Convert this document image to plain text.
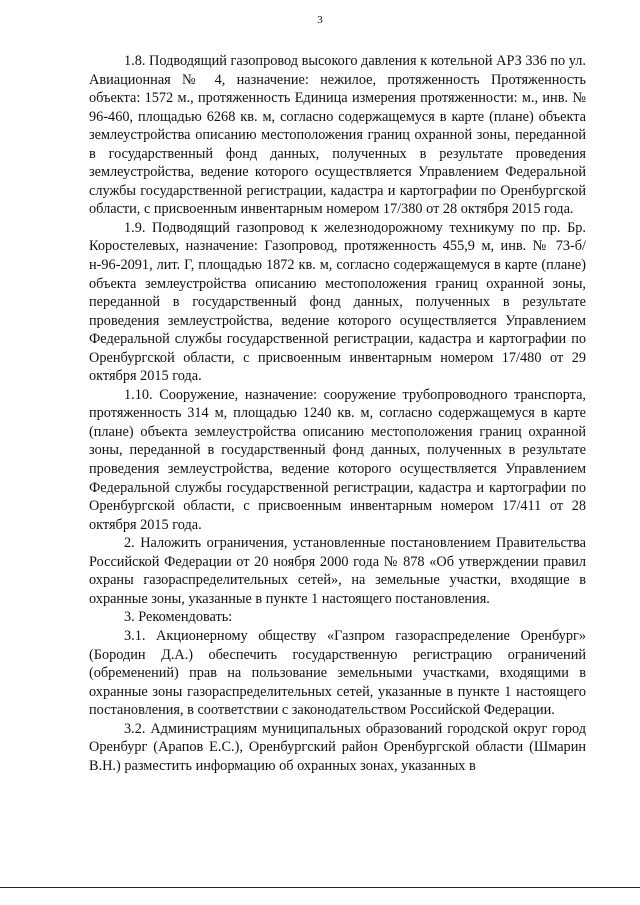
3

1.8. Подводящий газопровод высокого давления к котельной АРЗ 336 по ул. Авиационная № 4, назначение: нежилое, протяженность Протяженность объекта: 1572 м., протяженность Единица измерения протяженности: м., инв. № 96-460, площадью 6268 кв. м, согласно содержащемуся в карте (плане) объекта землеустройства описанию местоположения границ охранной зоны, переданной в государственный фонд данных, полученных в результате проведения землеустройства, ведение которого осуществляется Управлением Федеральной службы государственной регистрации, кадастра и картографии по Оренбургской области, с присвоенным инвентарным номером 17/380 от 28 октября 2015 года.

1.9. Подводящий газопровод к железнодорожному техникуму по пр. Бр. Коростелевых, назначение: Газопровод, протяженность 455,9 м, инв. № 73-б/н-96-2091, лит. Г, площадью 1872 кв. м, согласно содержащемуся в карте (плане) объекта землеустройства описанию местоположения границ охранной зоны, переданной в государственный фонд данных, полученных в результате проведения землеустройства, ведение которого осуществляется Управлением Федеральной службы государственной регистрации, кадастра и картографии по Оренбургской области, с присвоенным инвентарным номером 17/480 от 29 октября 2015 года.

1.10. Сооружение, назначение: сооружение трубопроводного транспорта, протяженность 314 м, площадью 1240 кв. м, согласно содержащемуся в карте (плане) объекта землеустройства описанию местоположения границ охранной зоны, переданной в государственный фонд данных, полученных в результате проведения землеустройства, ведение которого осуществляется Управлением Федеральной службы государственной регистрации, кадастра и картографии по Оренбургской области, с присвоенным инвентарным номером 17/411 от 28 октября 2015 года.

2. Наложить ограничения, установленные постановлением Правительства Российской Федерации от 20 ноября 2000 года № 878 «Об утверждении правил охраны газораспределительных сетей», на земельные участки, входящие в охранные зоны, указанные в пункте 1 настоящего постановления.

3. Рекомендовать:

3.1. Акционерному обществу «Газпром газораспределение Оренбург» (Бородин Д.А.) обеспечить государственную регистрацию ограничений (обременений) прав на пользование земельными участками, входящими в охранные зоны газораспределительных сетей, указанные в пункте 1 настоящего постановления, в соответствии с законодательством Российской Федерации.

3.2. Администрациям муниципальных образований городской округ город Оренбург (Арапов Е.С.), Оренбургский район Оренбургской области (Шмарин В.Н.) разместить информацию об охранных зонах, указанных в
